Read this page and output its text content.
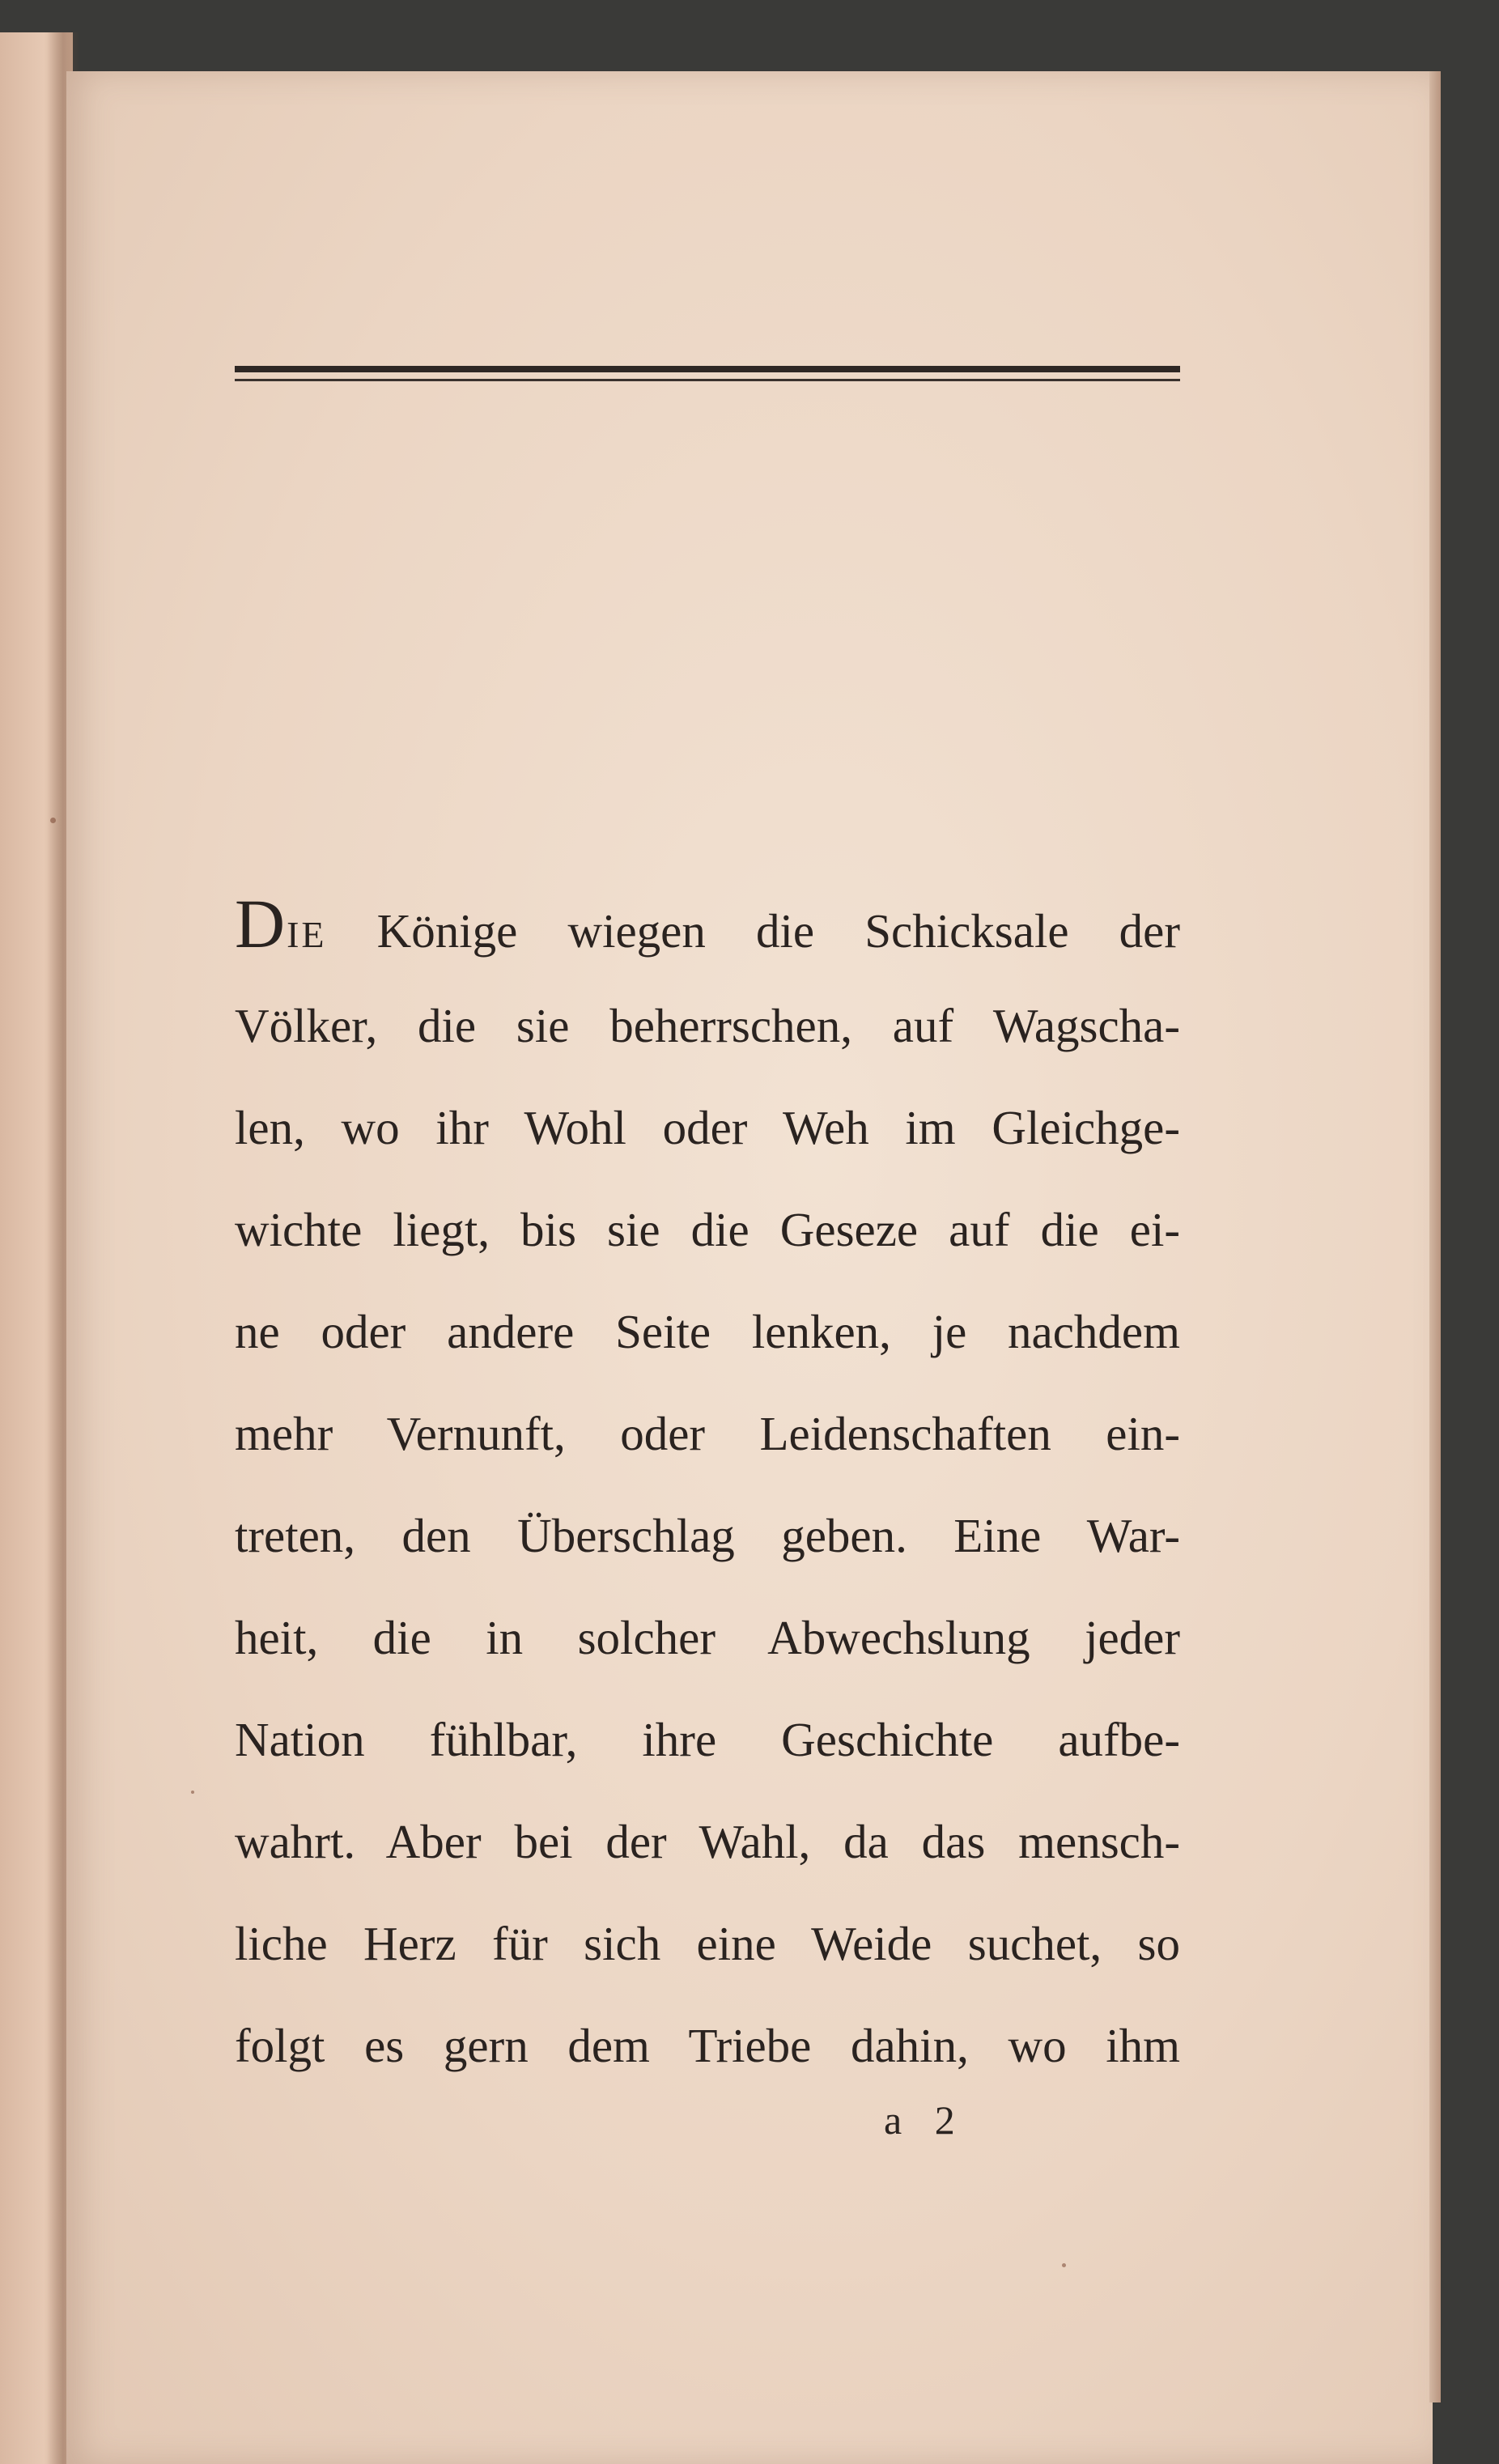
DIE Könige wiegen die Schicksale der
Völker, die sie beherrschen, auf Wagscha-
len, wo ihr Wohl oder Weh im Gleichge-
wichte liegt, bis sie die Geseze auf die ei-
ne oder andere Seite lenken, je nachdem
mehr Vernunft, oder Leidenschaften ein-
treten, den Überschlag geben. Eine War-
heit, die in solcher Abwechslung jeder
Nation fühlbar, ihre Geschichte aufbe-
wahrt. Aber bei der Wahl, da das mensch-
liche Herz für sich eine Weide suchet, so
folgt es gern dem Triebe dahin, wo ihm
a 2
